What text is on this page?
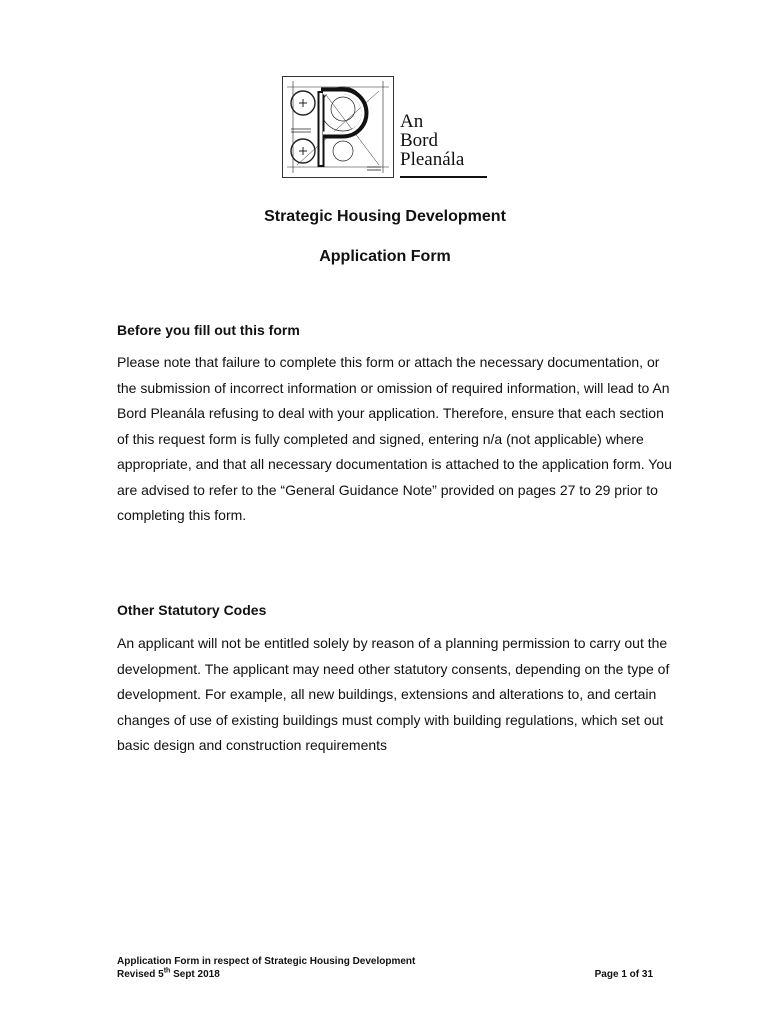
An
Bord
Pleanála
Strategic Housing Development
Application Form
Before you fill out this form

Please note that failure to complete this form or attach the necessary documentation, or the submission of incorrect information or omission of required information, will lead to An Bord Pleanála refusing to deal with your application. Therefore, ensure that each section of this request form is fully completed and signed, entering n/a (not applicable) where appropriate, and that all necessary documentation is attached to the application form. You are advised to refer to the “General Guidance Note” provided on pages 27 to 29 prior to completing this form.

Other Statutory Codes

An applicant will not be entitled solely by reason of a planning permission to carry out the development. The applicant may need other statutory consents, depending on the type of development. For example, all new buildings, extensions and alterations to, and certain changes of use of existing buildings must comply with building regulations, which set out basic design and construction requirements

Application Form in respect of Strategic Housing Development
Revised 5th Sept 2018	Page 1 of 31
